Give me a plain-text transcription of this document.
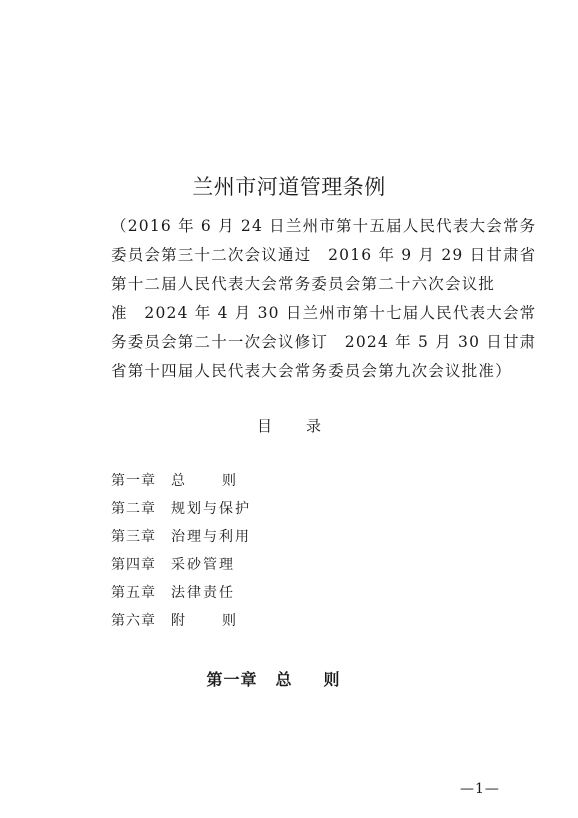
兰州市河道管理条例
（2016 年 6 月 24 日兰州市第十五届人民代表大会常务
委员会第三十二次会议通过　2016 年 9 月 29 日甘肃省
第十二届人民代表大会常务委员会第二十六次会议批
准　2024 年 4 月 30 日兰州市第十七届人民代表大会常
务委员会第二十一次会议修订　2024 年 5 月 30 日甘肃
省第十四届人民代表大会常务委员会第九次会议批准）
目录
第一章	总则
第二章	规划与保护
第三章	治理与利用
第四章	采砂管理
第五章	法律责任
第六章	附则
第一章 总则
—1—
